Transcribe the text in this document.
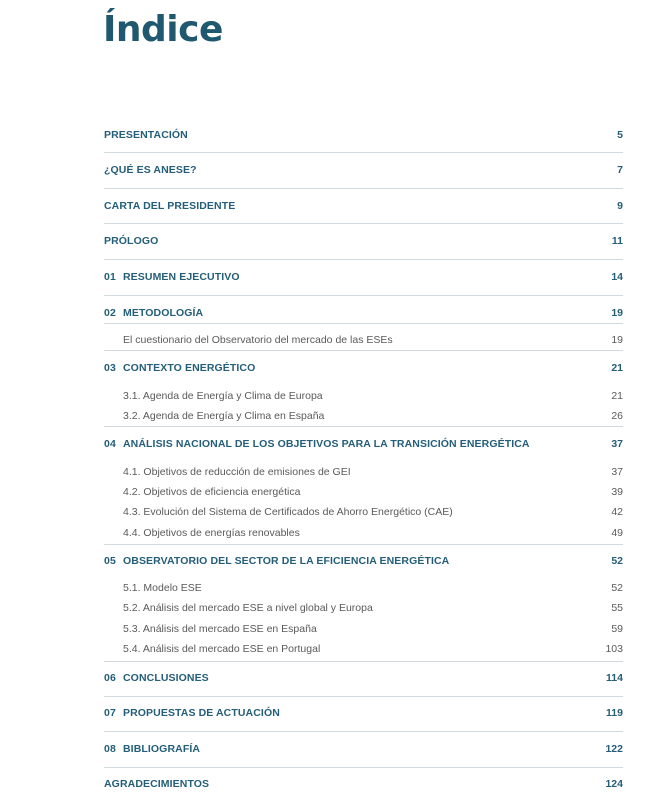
Índice
PRESENTACIÓN	5
¿QUÉ ES ANESE?	7
CARTA DEL PRESIDENTE	9
PRÓLOGO	11
01 RESUMEN EJECUTIVO	14
02 METODOLOGÍA	19
El cuestionario del Observatorio del mercado de las ESEs	19
03 CONTEXTO ENERGÉTICO	21
3.1. Agenda de Energía y Clima de Europa	21
3.2. Agenda de Energía y Clima en España	26
04 ANÁLISIS NACIONAL DE LOS OBJETIVOS PARA LA TRANSICIÓN ENERGÉTICA	37
4.1. Objetivos de reducción de emisiones de GEI	37
4.2. Objetivos de eficiencia energética	39
4.3. Evolución del Sistema de Certificados de Ahorro Energético (CAE)	42
4.4. Objetivos de energías renovables	49
05 OBSERVATORIO DEL SECTOR DE LA EFICIENCIA ENERGÉTICA	52
5.1. Modelo ESE	52
5.2. Análisis del mercado ESE a nivel global y Europa	55
5.3. Análisis del mercado ESE en España	59
5.4. Análisis del mercado ESE en Portugal	103
06 CONCLUSIONES	114
07 PROPUESTAS DE ACTUACIÓN	119
08 BIBLIOGRAFÍA	122
AGRADECIMIENTOS	124
